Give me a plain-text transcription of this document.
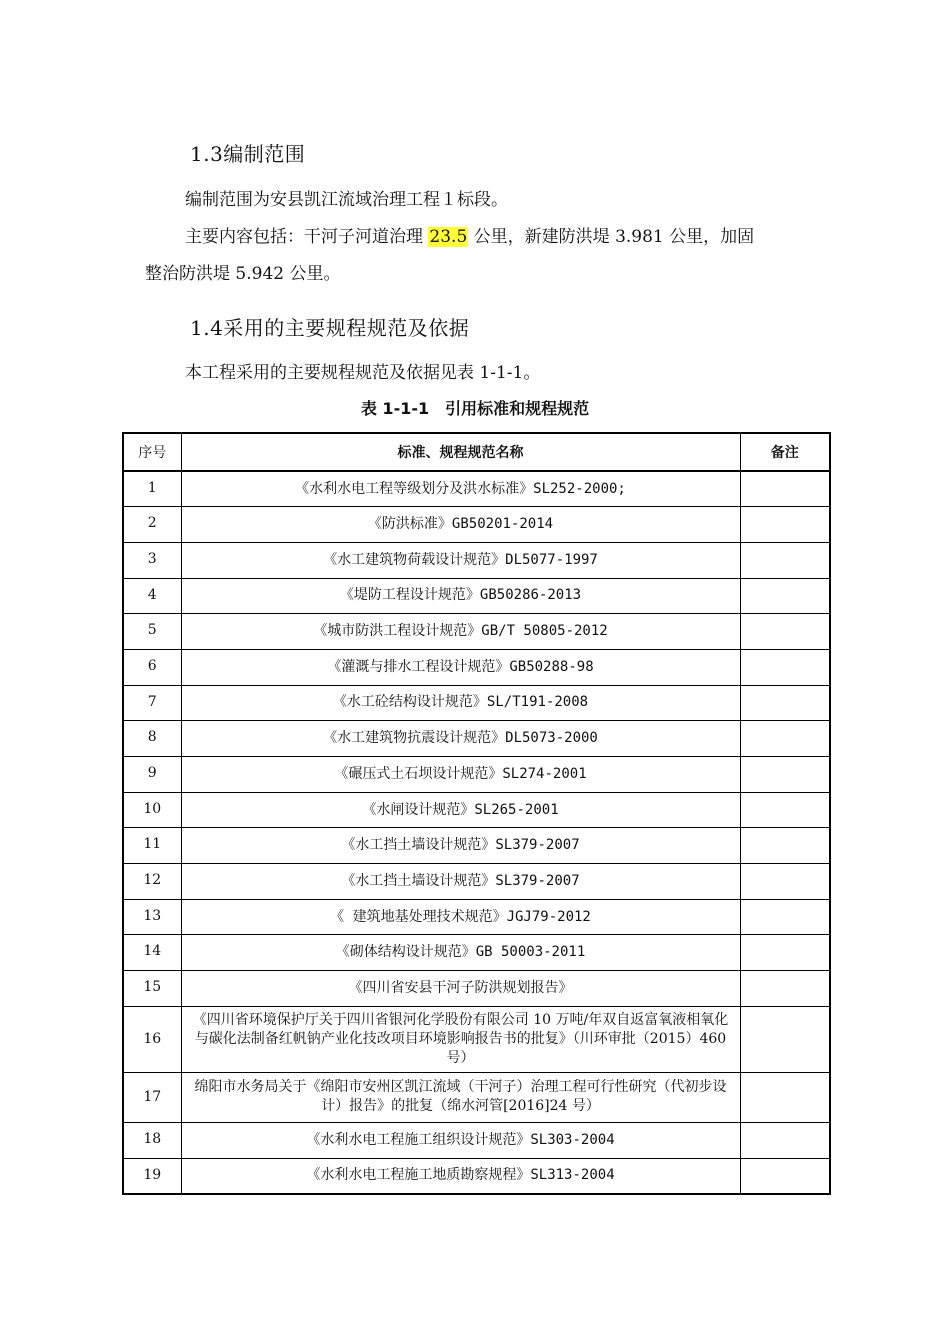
1.3编制范围
编制范围为安县凯江流域治理工程１标段。
主要内容包括：干河子河道治理 23.5 公里，新建防洪堤 3.981 公里，加固
整治防洪堤 5.942 公里。
1.4采用的主要规程规范及依据
本工程采用的主要规程规范及依据见表 1-1-1。
表 1-1-1　引用标准和规程规范
序号	标准、规程规范名称	备注
1	《水利水电工程等级划分及洪水标准》SL252-2000;	
2	《防洪标准》GB50201-2014	
3	《水工建筑物荷载设计规范》DL5077-1997	
4	《堤防工程设计规范》GB50286-2013	
5	《城市防洪工程设计规范》GB/T 50805-2012	
6	《灌溉与排水工程设计规范》GB50288-98	
7	《水工砼结构设计规范》SL/T191-2008	
8	《水工建筑物抗震设计规范》DL5073-2000	
9	《碾压式土石坝设计规范》SL274-2001	
10	《水闸设计规范》SL265-2001	
11	《水工挡土墙设计规范》SL379-2007	
12	《水工挡土墙设计规范》SL379-2007	
13	《 建筑地基处理技术规范》JGJ79-2012	
14	《砌体结构设计规范》GB 50003-2011	
15	《四川省安县干河子防洪规划报告》	
16	《四川省环境保护厅关于四川省银河化学股份有限公司 10 万吨/年双自返富氧液相氧化与碳化法制备红帆钠产业化技改项目环境影响报告书的批复》（川环审批（2015）460号）	
17	绵阳市水务局关于《绵阳市安州区凯江流域（干河子）治理工程可行性研究（代初步设计）报告》的批复（绵水河管[2016]24 号）	
18	《水利水电工程施工组织设计规范》SL303-2004	
19	《水利水电工程施工地质勘察规程》SL313-2004	
